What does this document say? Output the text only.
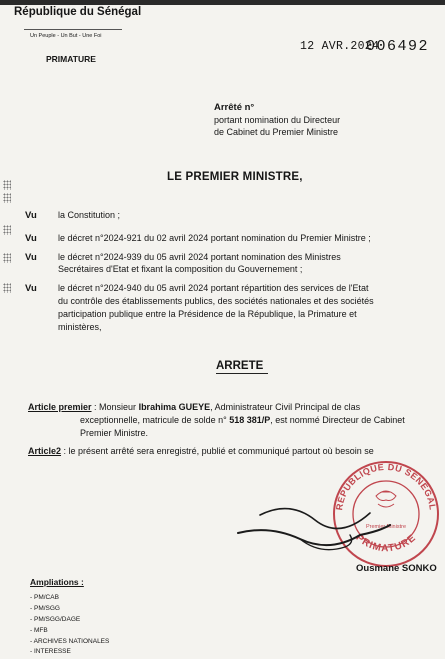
République du Sénégal
Un Peuple - Un But - Une Foi
PRIMATURE
12 AVR.2024
006492
Arrêté n°
portant nomination du Directeur
de Cabinet du Premier Ministre
LE PREMIER MINISTRE,
Vu la Constitution ;
Vu le décret n°2024-921 du 02 avril 2024 portant nomination du Premier Ministre ;
Vu le décret n°2024-939 du 05 avril 2024 portant nomination des Ministres
Secrétaires d'Etat et fixant la composition du Gouvernement ;
Vu le décret n°2024-940 du 05 avril 2024 portant répartition des services de l'Etat
du contrôle des établissements publics, des sociétés nationales et des sociétés
participation publique entre la Présidence de la République, la Primature et
ministères,
ARRETE
Article premier : Monsieur Ibrahima GUEYE, Administrateur Civil Principal de clas
exceptionnelle, matricule de solde n° 518 381/P, est nommé Directeur de Cabinet
Premier Ministre.
Article2 : le présent arrêté sera enregistré, publié et communiqué partout où besoin se
RÉPUBLIQUE DU SÉNÉGAL
PRIMATURE
Premier Ministre
Ousmane SONKO
Ampliations :
- PM/CAB
- PM/SGG
- PM/SGG/DAGE
- MFB
- ARCHIVES NATIONALES
- INTERESSE
